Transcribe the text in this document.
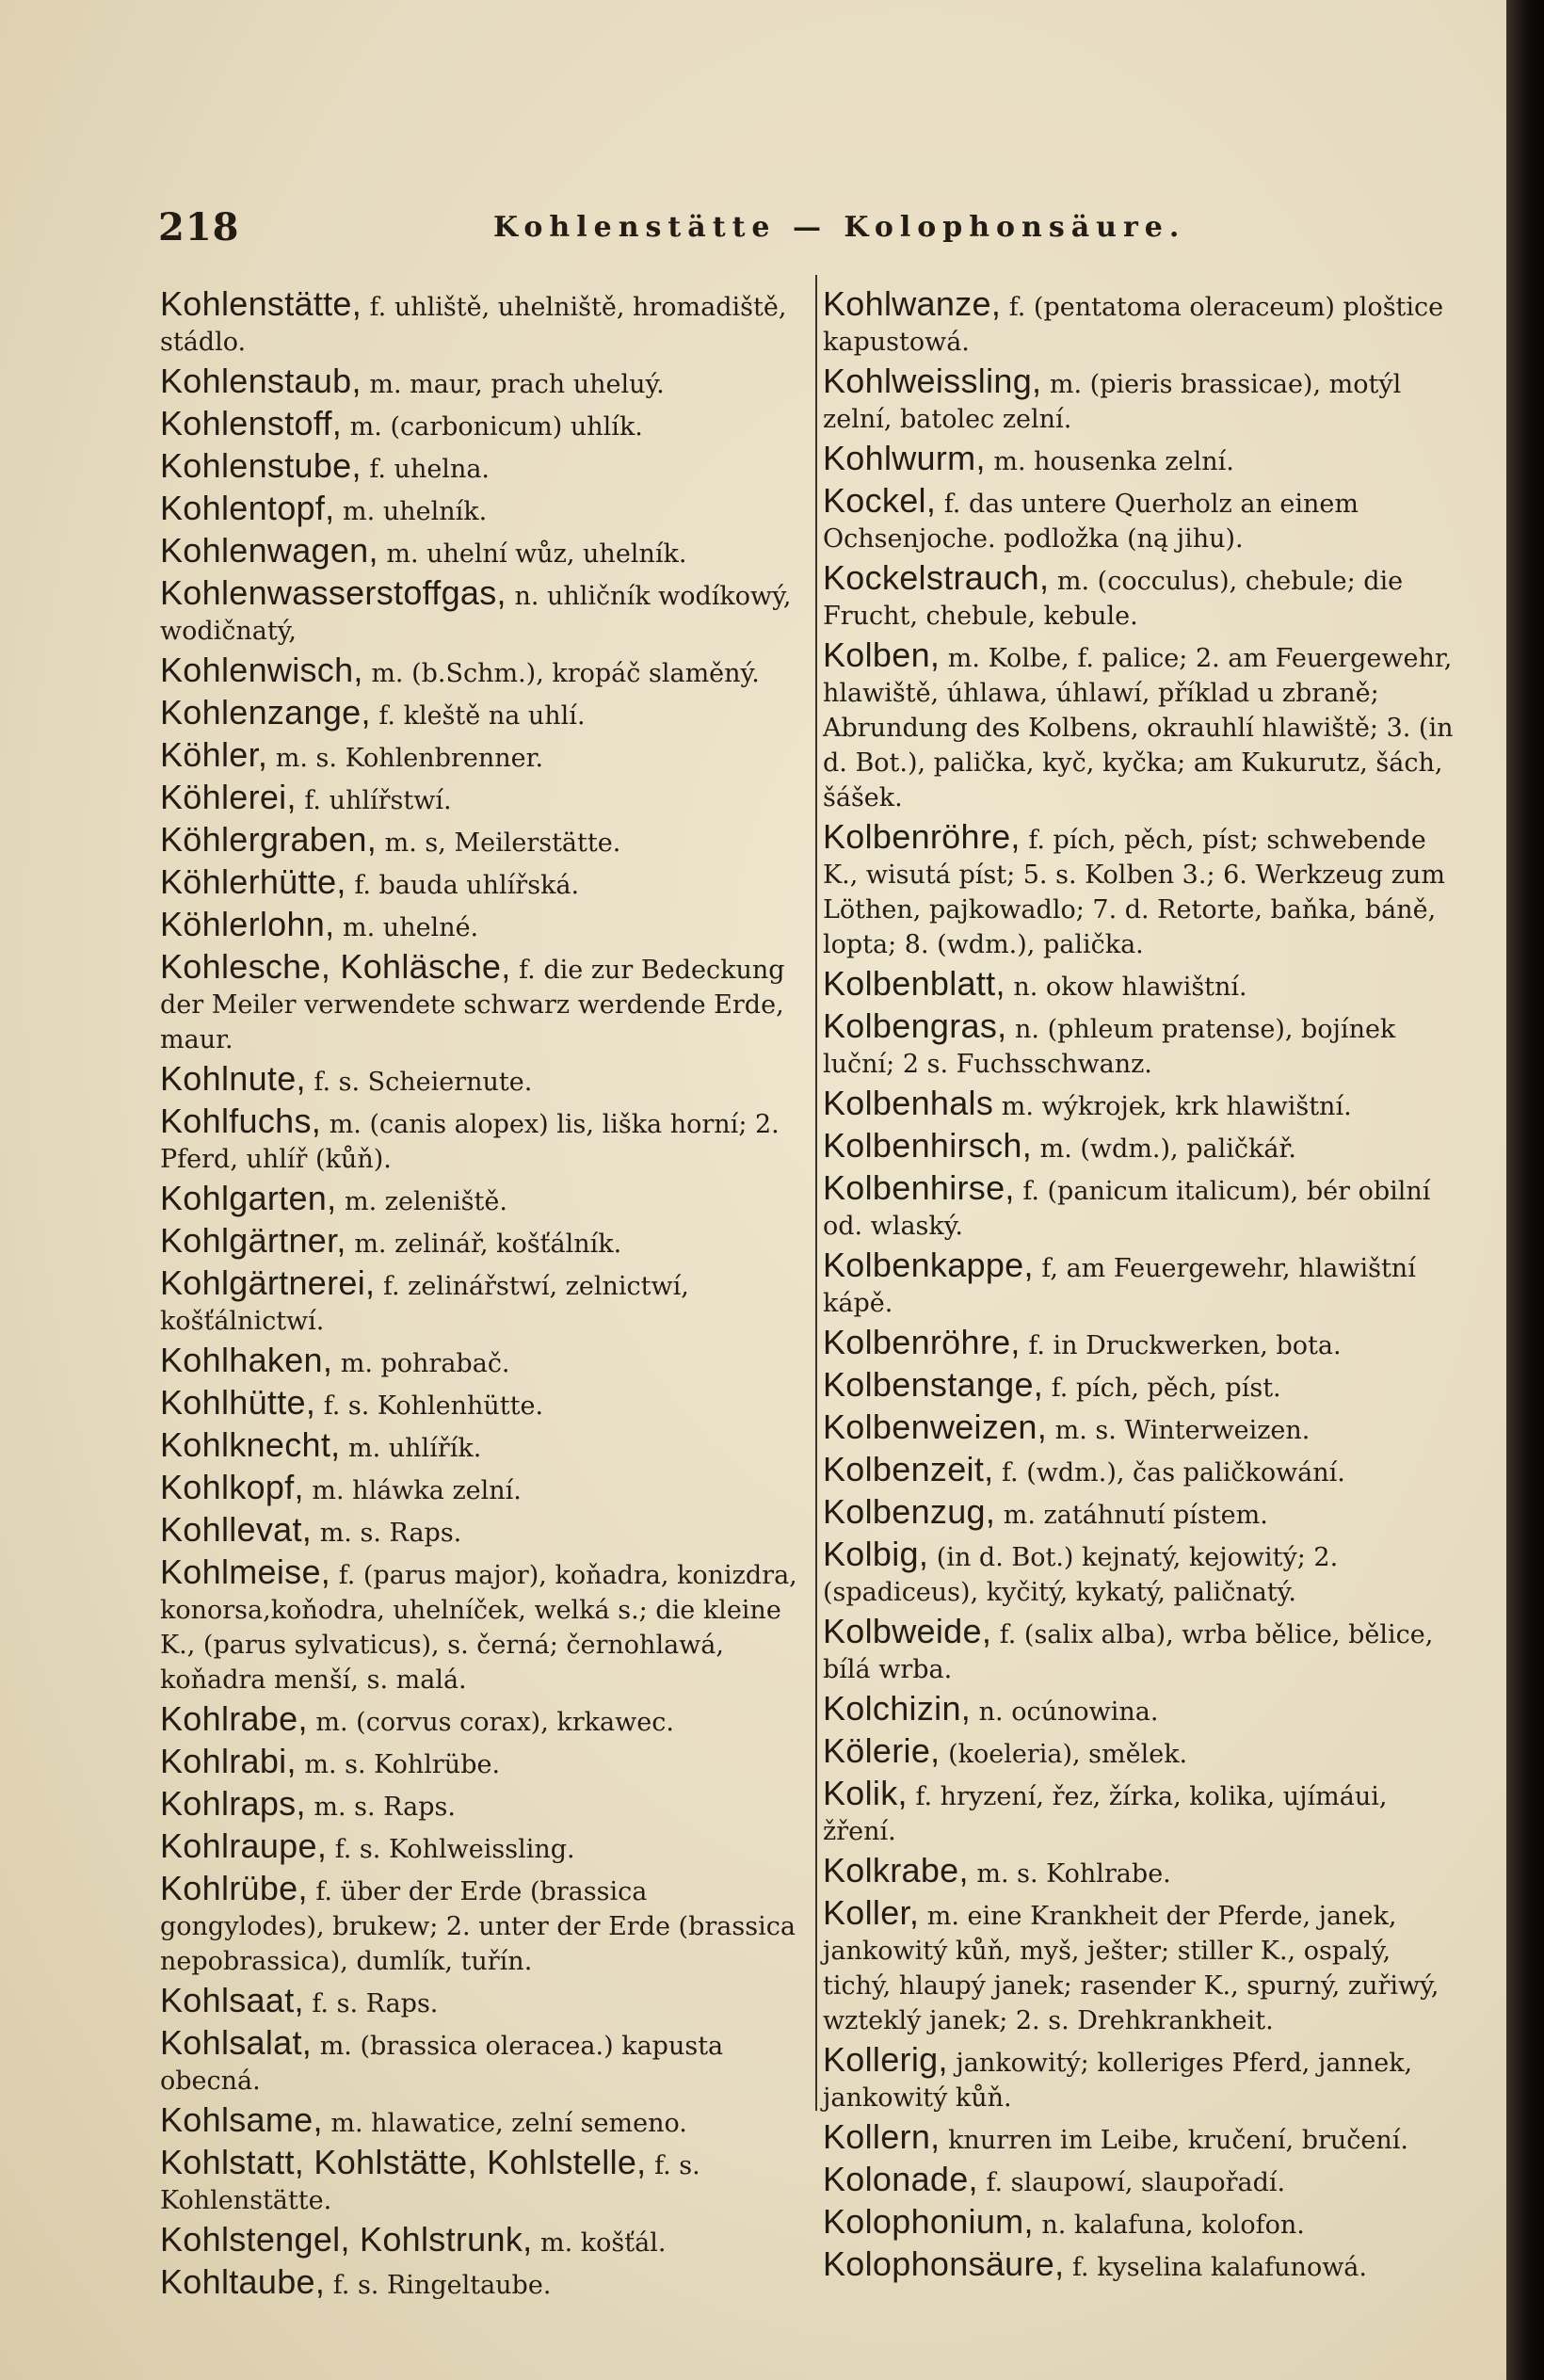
218	Kohlenstätte — Kolophonsäure.
Kohlenstätte, f. uhliště, uhelniště, hromadiště, stádlo.
Kohlenstaub, m. maur, prach uheluý.
Kohlenstoff, m. (carbonicum) uhlík.
Kohlenstube, f. uhelna.
Kohlentopf, m. uhelník.
Kohlenwagen, m. uhelní wůz, uhelník.
Kohlenwasserstoffgas, n. uhličník wodíkowý, wodičnatý,
Kohlenwisch, m. (b.Schm.), kropáč slaměný.
Kohlenzange, f. kleště na uhlí.
Köhler, m. s. Kohlenbrenner.
Köhlerei, f. uhlířstwí.
Köhlergraben, m. s, Meilerstätte.
Köhlerhütte, f. bauda uhlířská.
Köhlerlohn, m. uhelné.
Kohlesche, Kohläsche, f. die zur Bedeckung der Meiler verwendete schwarz werdende Erde, maur.
Kohlnute, f. s. Scheiernute.
Kohlfuchs, m. (canis alopex) lis, liška horní; 2. Pferd, uhlíř (kůň).
Kohlgarten, m. zeleniště.
Kohlgärtner, m. zelinář, košťálník.
Kohlgärtnerei, f. zelinářstwí, zelnictwí, košťálnictwí.
Kohlhaken, m. pohrabač.
Kohlhütte, f. s. Kohlenhütte.
Kohlknecht, m. uhlířík.
Kohlkopf, m. hláwka zelní.
Kohllevat, m. s. Raps.
Kohlmeise, f. (parus major), koňadra, konizdra, konorsa,koňodra, uhelníček, welká s.; die kleine K., (parus sylvaticus), s. černá; černohlawá, koňadra menší, s. malá.
Kohlrabe, m. (corvus corax), krkawec.
Kohlrabi, m. s. Kohlrübe.
Kohlraps, m. s. Raps.
Kohlraupe, f. s. Kohlweissling.
Kohlrübe, f. über der Erde (brassica gongylodes), brukew; 2. unter der Erde (brassica nepobrassica), dumlík, tuřín.
Kohlsaat, f. s. Raps.
Kohlsalat, m. (brassica oleracea.) kapusta obecná.
Kohlsame, m. hlawatice, zelní semeno.
Kohlstatt, Kohlstätte, Kohlstelle, f. s. Kohlenstätte.
Kohlstengel, Kohlstrunk, m. košťál.
Kohltaube, f. s. Ringeltaube.
Kohlwanze, f. (pentatoma oleraceum) ploštice kapustowá.
Kohlweissling, m. (pieris brassicae), motýl zelní, batolec zelní.
Kohlwurm, m. housenka zelní.
Kockel, f. das untere Querholz an einem Ochsenjoche. podložka (ną jihu).
Kockelstrauch, m. (cocculus), chebule; die Frucht, chebule, kebule.
Kolben, m. Kolbe, f. palice; 2. am Feuergewehr, hlawiště, úhlawa, úhlawí, příklad u zbraně; Abrundung des Kolbens, okrauhlí hlawiště; 3. (in d. Bot.), palička, kyč, kyčka; am Kukurutz, šách, šášek.
Kolbenröhre, f. pích, pěch, píst; schwebende K., wisutá píst; 5. s. Kolben 3.; 6. Werkzeug zum Löthen, pajkowadlo; 7. d. Retorte, baňka, báně, lopta; 8. (wdm.), palička.
Kolbenblatt, n. okow hlawištní.
Kolbengras, n. (phleum pratense), bojínek luční; 2 s. Fuchsschwanz.
Kolbenhals m. wýkrojek, krk hlawištní.
Kolbenhirsch, m. (wdm.), paličkář.
Kolbenhirse, f. (panicum italicum), bér obilní od. wlaský.
Kolbenkappe, f, am Feuergewehr, hlawištní kápě.
Kolbenröhre, f. in Druckwerken, bota.
Kolbenstange, f. pích, pěch, píst.
Kolbenweizen, m. s. Winterweizen.
Kolbenzeit, f. (wdm.), čas paličkowání.
Kolbenzug, m. zatáhnutí pístem.
Kolbig, (in d. Bot.) kejnatý, kejowitý; 2. (spadiceus), kyčitý, kykatý, paličnatý.
Kolbweide, f. (salix alba), wrba bělice, bělice, bílá wrba.
Kolchizin, n. ocúnowina.
Kölerie, (koeleria), smělek.
Kolik, f. hryzení, řez, žírka, kolika, ujímáui, žření.
Kolkrabe, m. s. Kohlrabe.
Koller, m. eine Krankheit der Pferde, janek, jankowitý kůň, myš, ješter; stiller K., ospalý, tichý, hlaupý janek; rasender K., spurný, zuřiwý, wzteklý janek; 2. s. Drehkrankheit.
Kollerig, jankowitý; kolleriges Pferd, jannek, jankowitý kůň.
Kollern, knurren im Leibe, kručení, bručení.
Kolonade, f. slaupowí, slaupořadí.
Kolophonium, n. kalafuna, kolofon.
Kolophonsäure, f. kyselina kalafunowá.
